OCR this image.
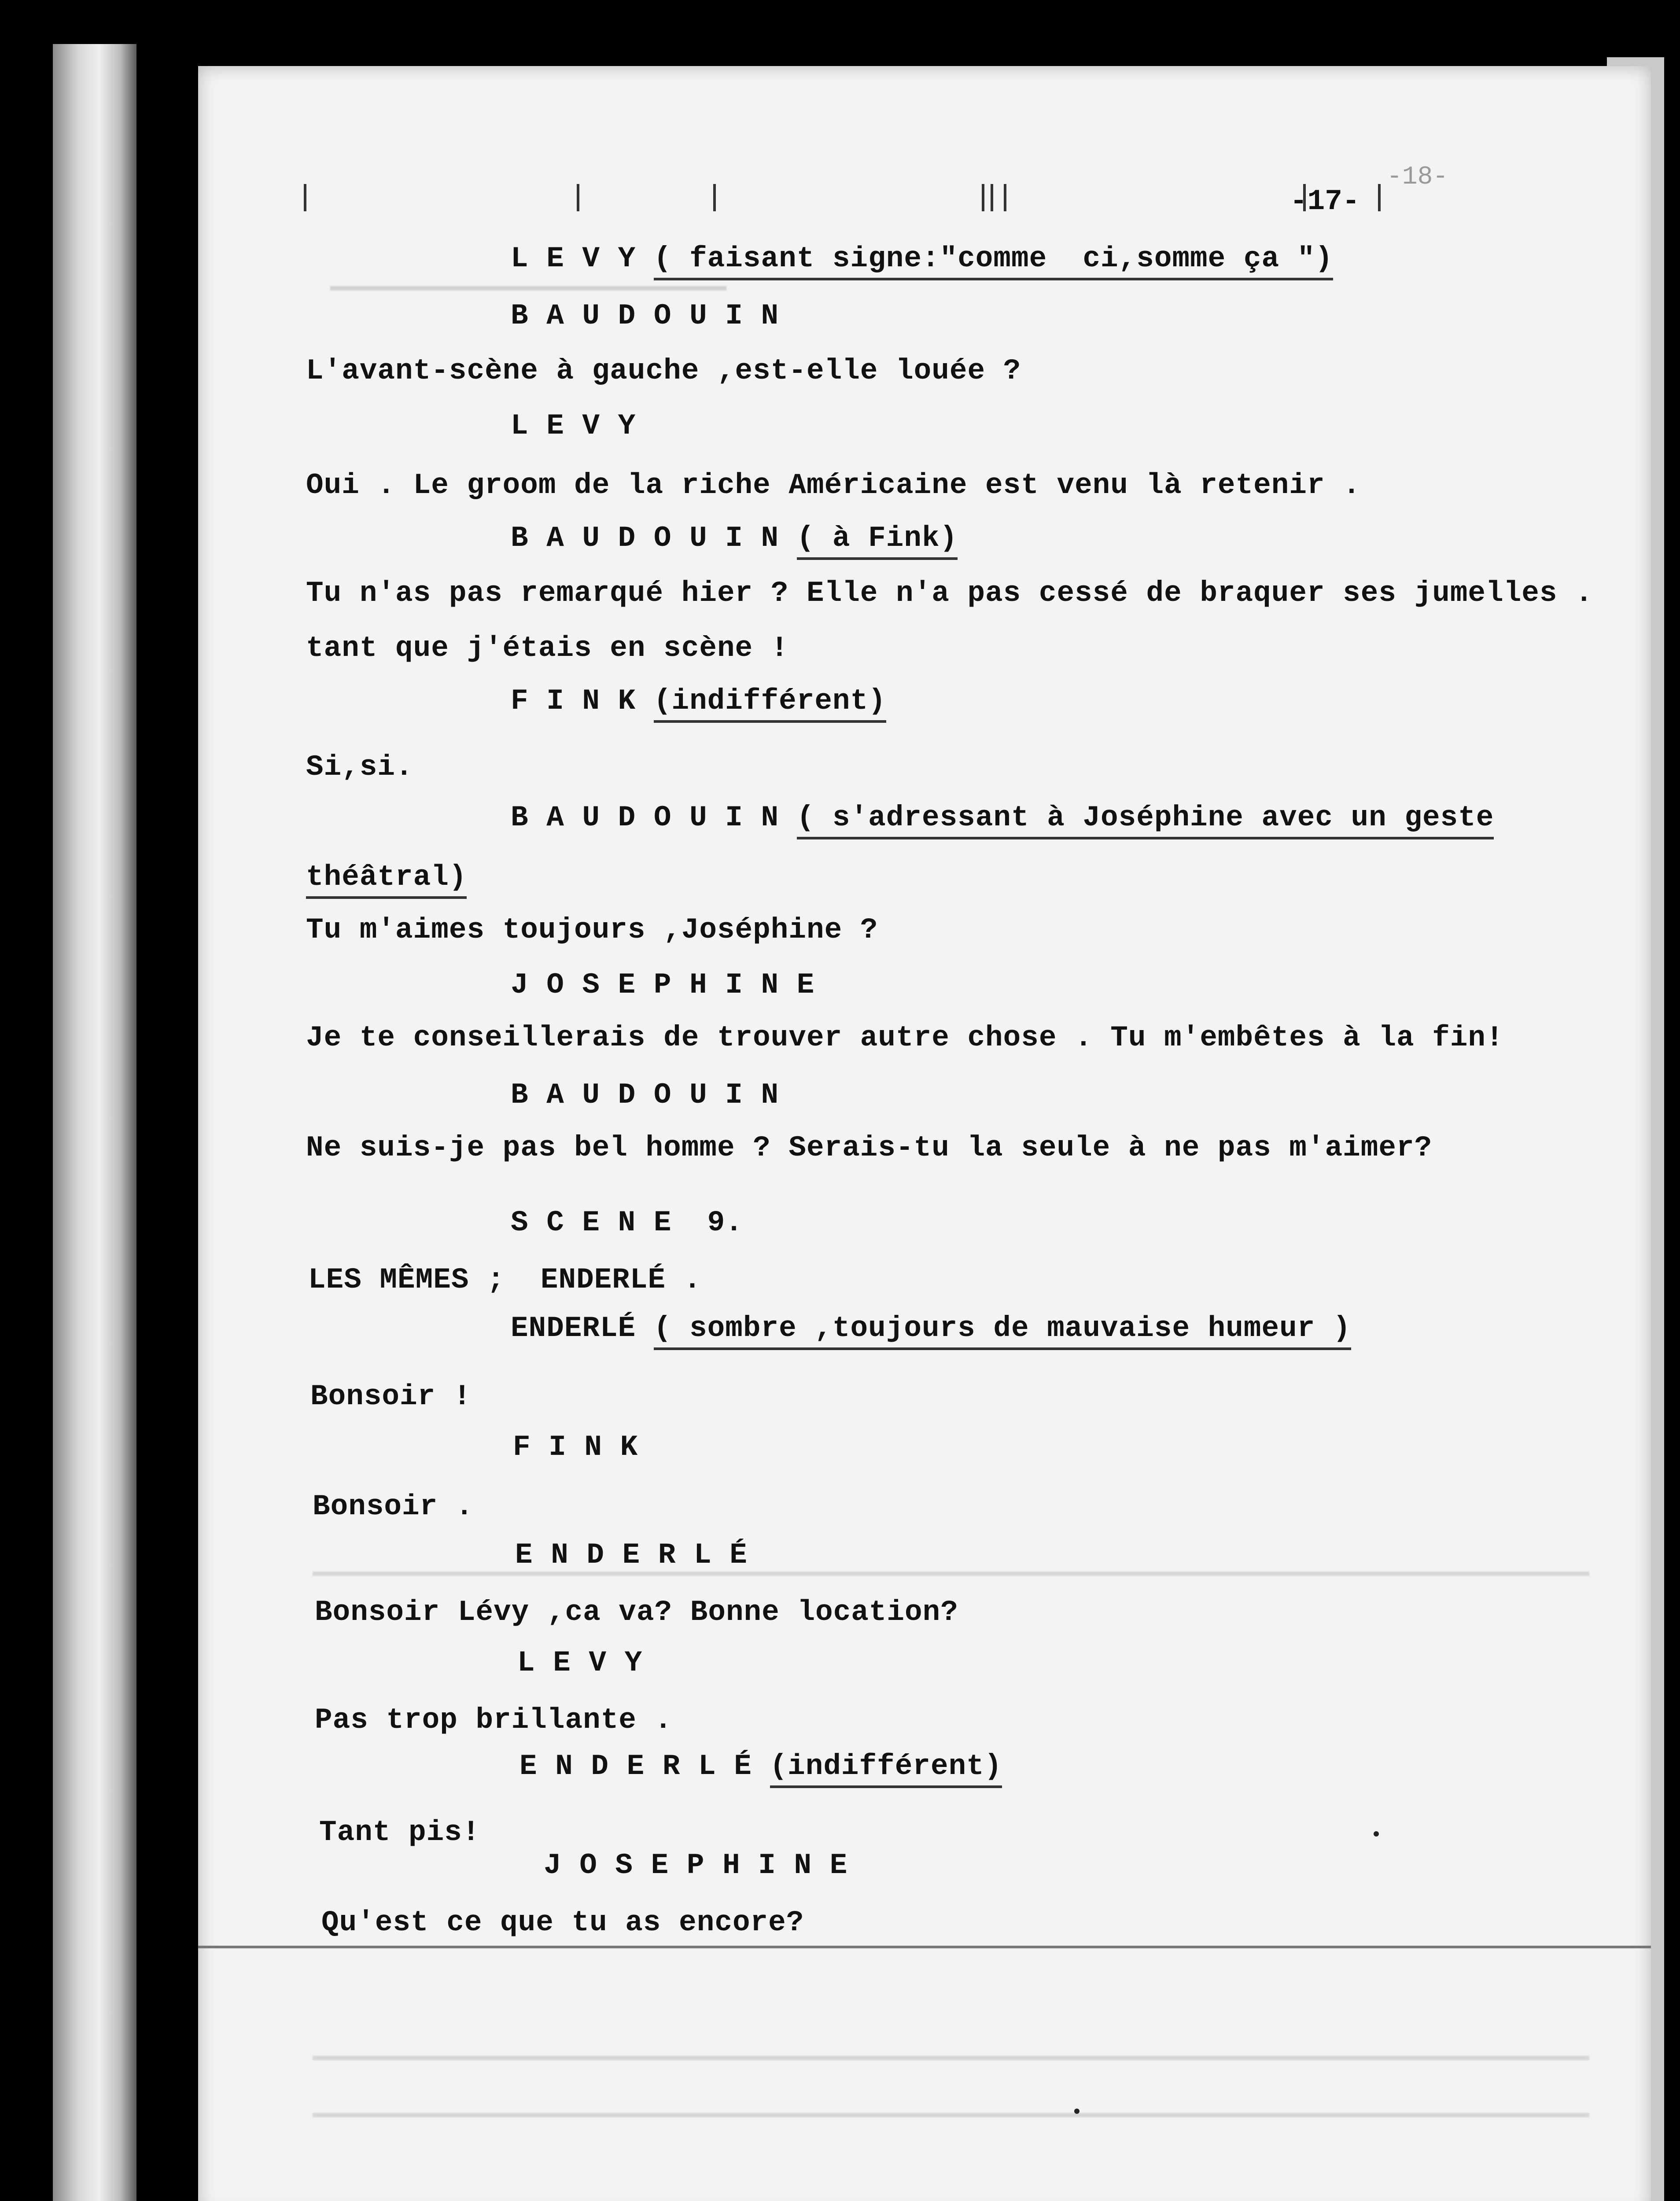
-18-
-17-
L E V Y ( faisant signe:"comme  ci,somme ça ")
B A U D O U I N
L'avant-scène à gauche ,est-elle louée ?
L E V Y
Oui . Le groom de la riche Américaine est venu là retenir .
B A U D O U I N ( à Fink)
Tu n'as pas remarqué hier ? Elle n'a pas cessé de braquer ses jumelles .
tant que j'étais en scène !
F I N K (indifférent)
Si,si.
B A U D O U I N ( s'adressant à Joséphine avec un geste
théâtral)
Tu m'aimes toujours ,Joséphine ?
J O S E P H I N E
Je te conseillerais de trouver autre chose . Tu m'embêtes à la fin!
B A U D O U I N
Ne suis-je pas bel homme ? Serais-tu la seule à ne pas m'aimer?
S C E N E  9.
LES MÊMES ;  ENDERLÉ .
ENDERLÉ ( sombre ,toujours de mauvaise humeur )
Bonsoir !
F I N K
Bonsoir .
E N D E R L É
Bonsoir Lévy ,ca va? Bonne location?
L E V Y
Pas trop brillante .
E N D E R L É (indifférent)
Tant pis!
J O S E P H I N E
Qu'est ce que tu as encore?
